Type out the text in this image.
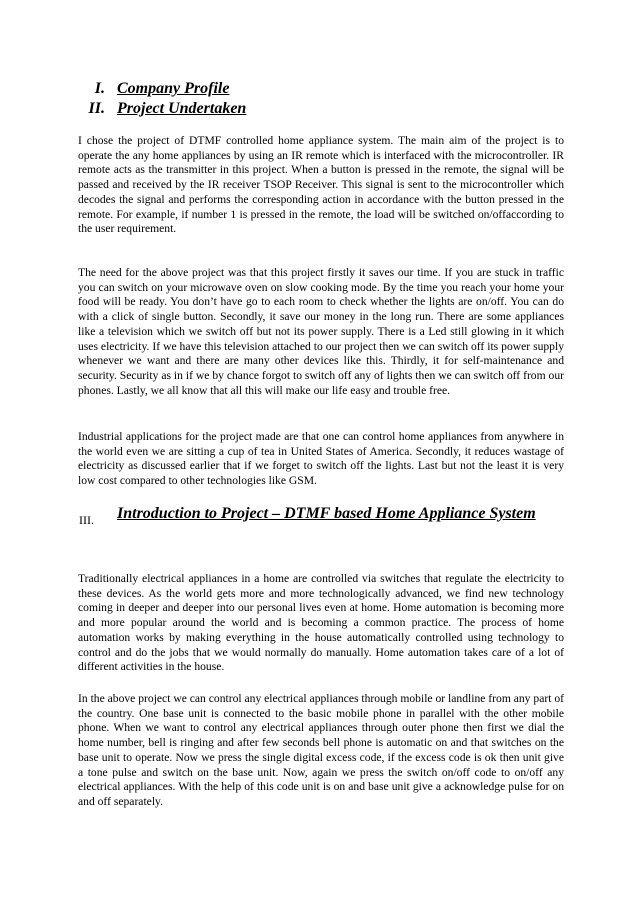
I. Company Profile
II. Project Undertaken

I chose the project of DTMF controlled home appliance system. The main aim of the project is to operate the any home appliances by using an IR remote which is interfaced with the microcontroller. IR remote acts as the transmitter in this project. When a button is pressed in the remote, the signal will be passed and received by the IR receiver TSOP Receiver. This signal is sent to the microcontroller which decodes the signal and performs the corresponding action in accordance with the button pressed in the remote. For example, if number 1 is pressed in the remote, the load will be switched on/offaccording to the user requirement.

The need for the above project was that this project firstly it saves our time. If you are stuck in traffic you can switch on your microwave oven on slow cooking mode. By the time you reach your home your food will be ready. You don’t have go to each room to check whether the lights are on/off. You can do with a click of single button. Secondly, it save our money in the long run. There are some appliances like a television which we switch off but not its power supply. There is a Led still glowing in it which uses electricity. If we have this television attached to our project then we can switch off its power supply whenever we want and there are many other devices like this. Thirdly, it for self-maintenance and security. Security as in if we by chance forgot to switch off any of lights then we can switch off from our phones. Lastly, we all know that all this will make our life easy and trouble free.

Industrial applications for the project made are that one can control home appliances from anywhere in the world even we are sitting a cup of tea in United States of America. Secondly, it reduces wastage of electricity as discussed earlier that if we forget to switch off the lights. Last but not the least it is very low cost compared to other technologies like GSM.

III. Introduction to Project – DTMF based Home Appliance System

Traditionally electrical appliances in a home are controlled via switches that regulate the electricity to these devices. As the world gets more and more technologically advanced, we find new technology coming in deeper and deeper into our personal lives even at home. Home automation is becoming more and more popular around the world and is becoming a common practice. The process of home automation works by making everything in the house automatically controlled using technology to control and do the jobs that we would normally do manually. Home automation takes care of a lot of different activities in the house.

In the above project we can control any electrical appliances through mobile or landline from any part of the country. One base unit is connected to the basic mobile phone in parallel with the other mobile phone. When we want to control any electrical appliances through outer phone then first we dial the home number, bell is ringing and after few seconds bell phone is automatic on and that switches on the base unit to operate. Now we press the single digital excess code, if the excess code is ok then unit give a tone pulse and switch on the base unit. Now, again we press the switch on/off code to on/off any electrical appliances. With the help of this code unit is on and base unit give a acknowledge pulse for on and off separately.
